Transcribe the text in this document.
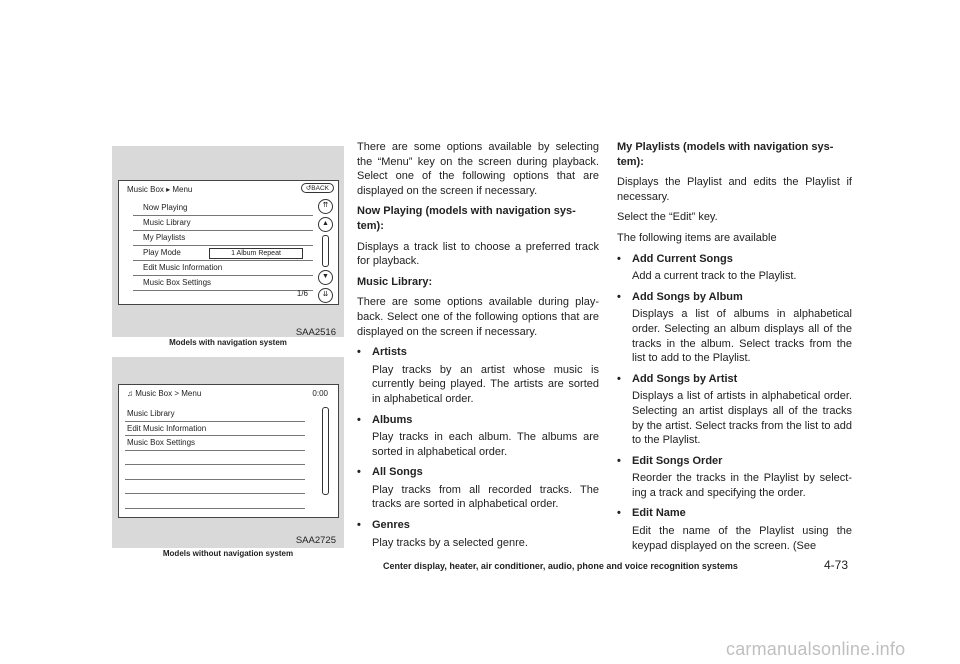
Music Box ▸ Menu	↺BACK
Now Playing
Music Library
My Playlists
Play Mode	1 Album Repeat
Edit Music Information
Music Box Settings
⇈
▲
▼
⇊
1/6
SAA2516
Models with navigation system
♫ Music Box > Menu	0:00
Music Library
Edit Music Information
Music Box Settings
SAA2725
Models without navigation system
There are some options available by selecting the “Menu” key on the screen during playback. Select one of the following options that are displayed on the screen if necessary.
Now Playing (models with navigation sys- tem):
Displays a track list to choose a preferred track for playback.
Music Library:
There are some options available during play- back. Select one of the following options that are displayed on the screen if necessary.
• Artists
Play tracks by an artist whose music is currently being played. The artists are sorted in alphabetical order.
• Albums
Play tracks in each album. The albums are sorted in alphabetical order.
• All Songs
Play tracks from all recorded tracks. The tracks are sorted in alphabetical order.
• Genres
Play tracks by a selected genre.
My Playlists (models with navigation sys- tem):
Displays the Playlist and edits the Playlist if necessary.
Select the “Edit” key.
The following items are available
• Add Current Songs
Add a current track to the Playlist.
• Add Songs by Album
Displays a list of albums in alphabetical order. Selecting an album displays all of the tracks in the album. Select tracks from the list to add to the Playlist.
• Add Songs by Artist
Displays a list of artists in alphabetical order. Selecting an artist displays all of the tracks by the artist. Select tracks from the list to add to the Playlist.
• Edit Songs Order
Reorder the tracks in the Playlist by select- ing a track and specifying the order.
• Edit Name
Edit the name of the Playlist using the keypad displayed on the screen. (See
Center display, heater, air conditioner, audio, phone and voice recognition systems	4-73
carmanualsonline.info
